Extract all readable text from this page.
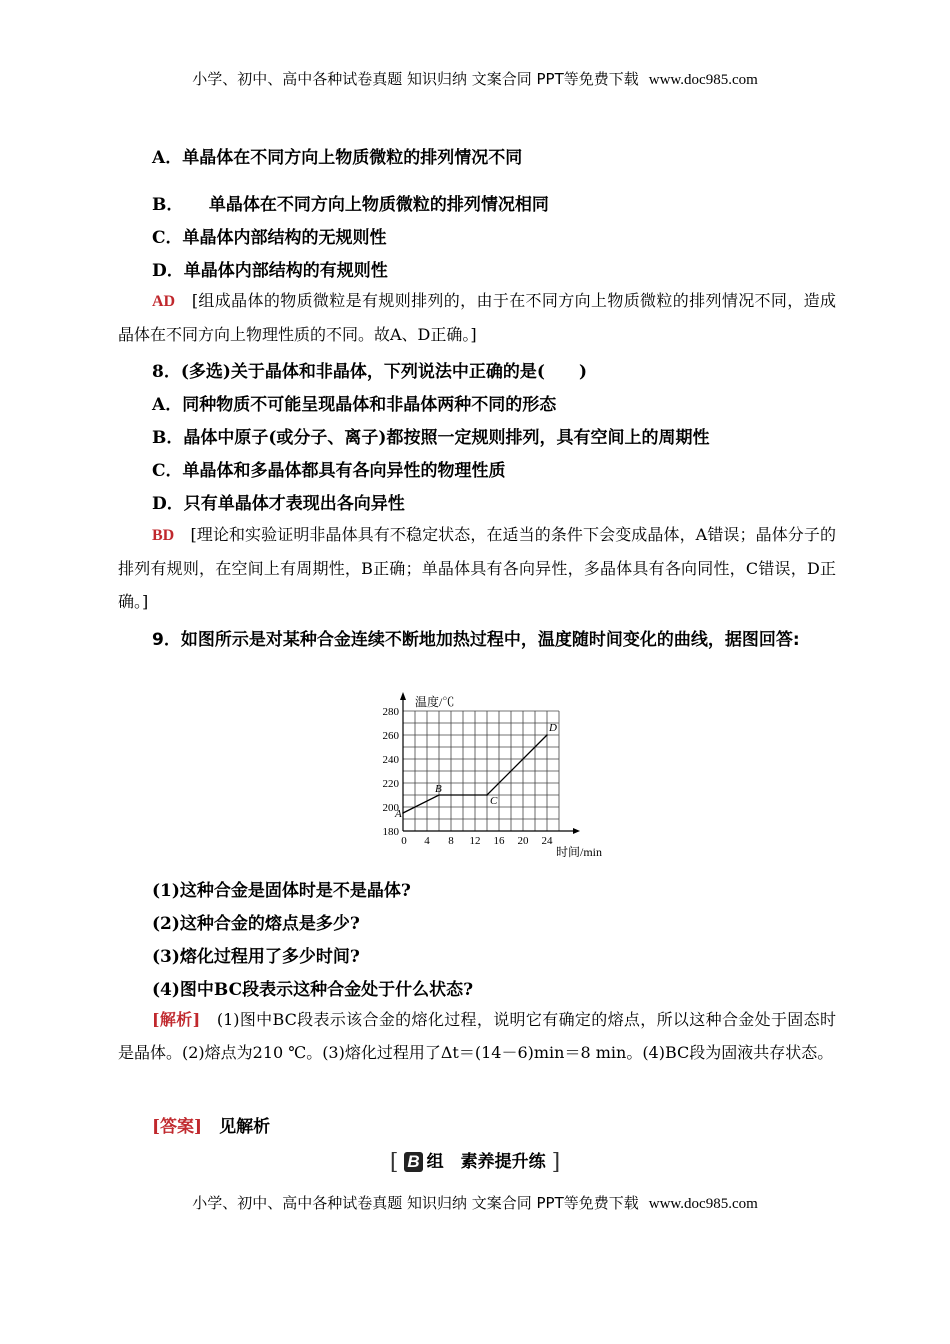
小学、初中、高中各种试卷真题 知识归纳 文案合同 PPT等免费下载 www.doc985.com
A．单晶体在不同方向上物质微粒的排列情况不同
B．　　单晶体在不同方向上物质微粒的排列情况相同
C．单晶体内部结构的无规则性
D．单晶体内部结构的有规则性
AD　 [组成晶体的物质微粒是有规则排列的，由于在不同方向上物质微粒的排列情况不同，造成晶体在不同方向上物理性质的不同。故A、D正确。]
8．(多选)关于晶体和非晶体，下列说法中正确的是(　　)
A．同种物质不可能呈现晶体和非晶体两种不同的形态
B．晶体中原子(或分子、离子)都按照一定规则排列，具有空间上的周期性
C．单晶体和多晶体都具有各向异性的物理性质
D．只有单晶体才表现出各向异性
BD　 [理论和实验证明非晶体具有不稳定状态，在适当的条件下会变成晶体，A错误；晶体分子的排列有规则，在空间上有周期性，B正确；单晶体具有各向异性，多晶体具有各向同性，C错误，D正确。]
9．如图所示是对某种合金连续不断地加热过程中，温度随时间变化的曲线，据图回答:
180
200
220
240
260
280
0 4 8 12 16 20 24
A
B
C
D
温度/℃
时间/min
(1)这种合金是固体时是不是晶体?
(2)这种合金的熔点是多少?
(3)熔化过程用了多少时间?
(4)图中BC段表示这种合金处于什么状态?
[解析]　 (1)图中BC段表示该合金的熔化过程，说明它有确定的熔点，所以这种合金处于固态时是晶体。(2)熔点为210 ℃。(3)熔化过程用了Δt＝(14－6)min＝8 min。(4)BC段为固液共存状态。
[答案]　 见解析
[ B 组　素养提升练 ]
小学、初中、高中各种试卷真题 知识归纳 文案合同 PPT等免费下载 www.doc985.com
